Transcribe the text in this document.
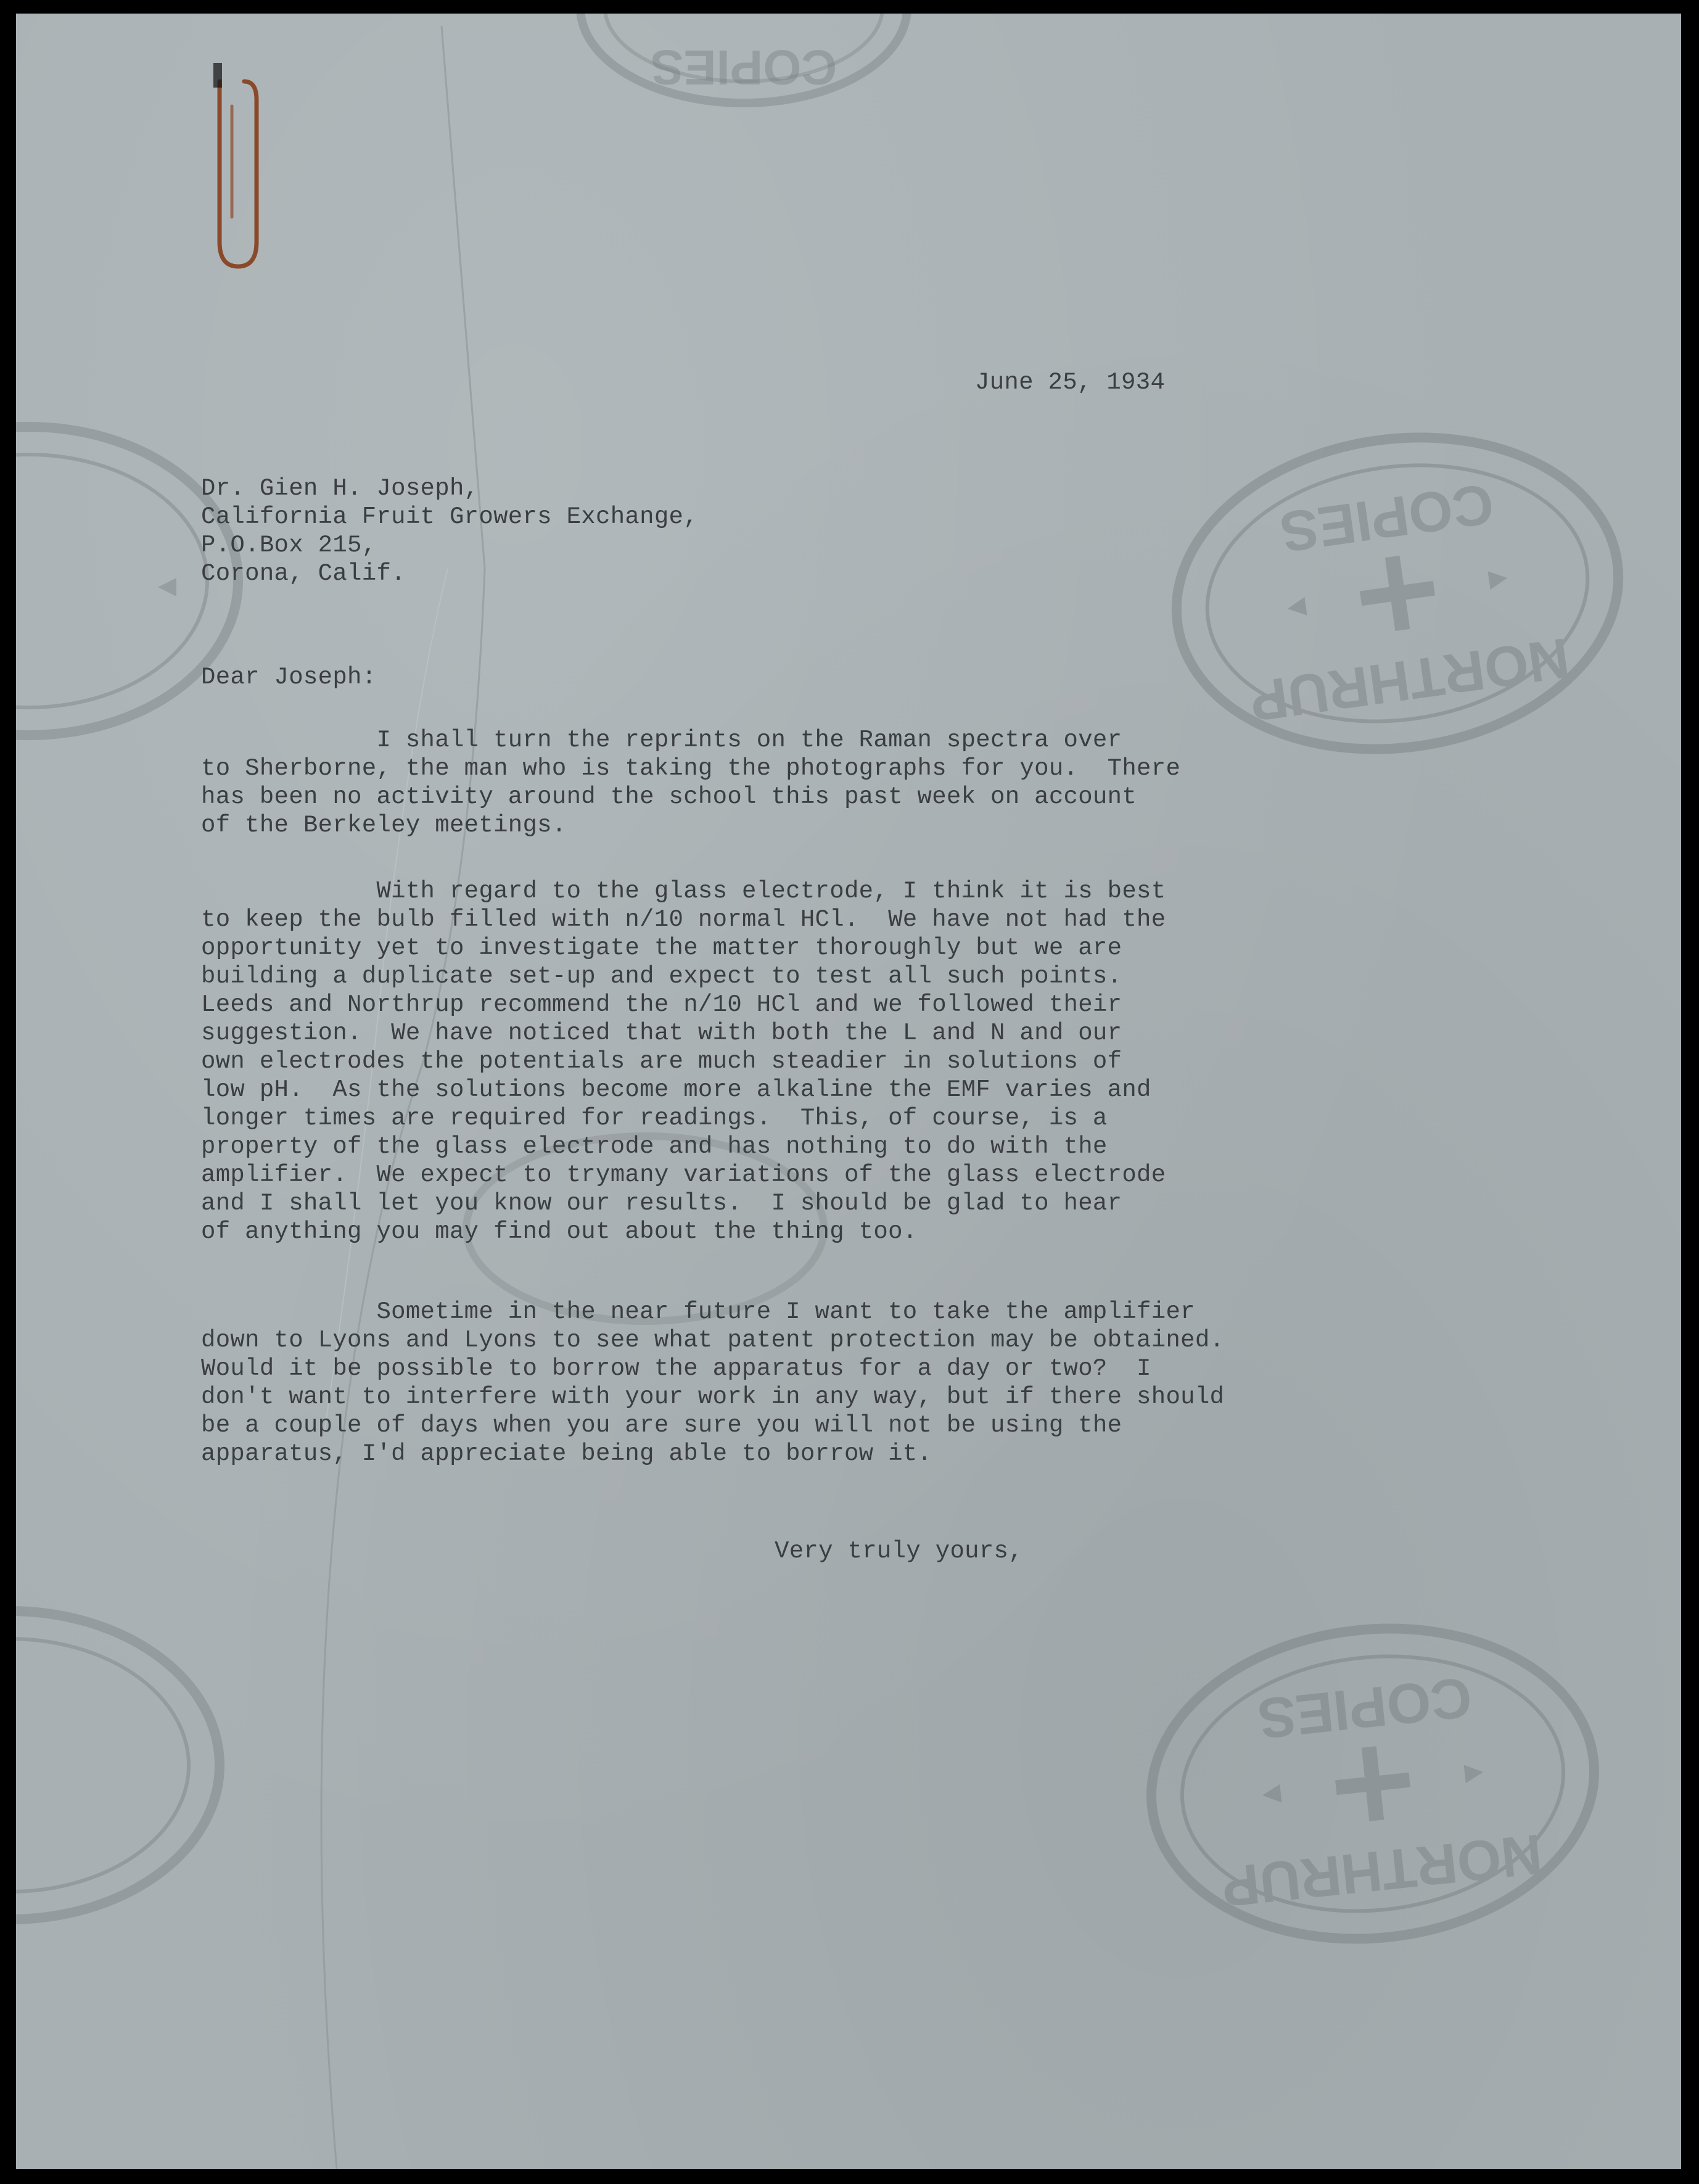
COPIES
COPIES
NORTHRUP
COPIES
NORTHRUP
June 25, 1934
Dr. Gien H. Joseph,
California Fruit Growers Exchange,
P.O.Box 215,
Corona, Calif.
Dear Joseph:
I shall turn the reprints on the Raman spectra over
to Sherborne, the man who is taking the photographs for you.  There
has been no activity around the school this past week on account
of the Berkeley meetings.
With regard to the glass electrode, I think it is best
to keep the bulb filled with n/10 normal HCl.  We have not had the
opportunity yet to investigate the matter thoroughly but we are
building a duplicate set-up and expect to test all such points.
Leeds and Northrup recommend the n/10 HCl and we followed their
suggestion.  We have noticed that with both the L and N and our
own electrodes the potentials are much steadier in solutions of
low pH.  As the solutions become more alkaline the EMF varies and
longer times are required for readings.  This, of course, is a
property of the glass electrode and has nothing to do with the
amplifier.  We expect to trymany variations of the glass electrode
and I shall let you know our results.  I should be glad to hear
of anything you may find out about the thing too.
Sometime in the near future I want to take the amplifier
down to Lyons and Lyons to see what patent protection may be obtained.
Would it be possible to borrow the apparatus for a day or two?  I
don't want to interfere with your work in any way, but if there should
be a couple of days when you are sure you will not be using the
apparatus, I'd appreciate being able to borrow it.
Very truly yours,
